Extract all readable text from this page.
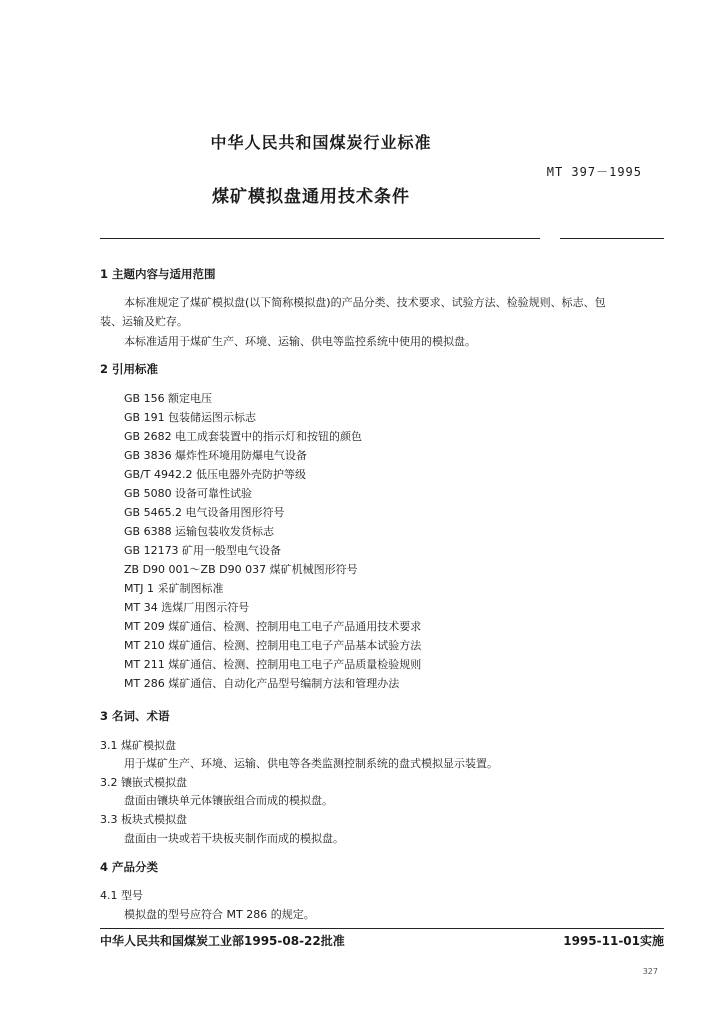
中华人民共和国煤炭行业标准
MT 397－1995
煤矿模拟盘通用技术条件
1 主题内容与适用范围
本标准规定了煤矿模拟盘(以下简称模拟盘)的产品分类、技术要求、试验方法、检验规则、标志、包
装、运输及贮存。
本标准适用于煤矿生产、环境、运输、供电等监控系统中使用的模拟盘。
2 引用标准
GB 156 额定电压
GB 191 包装储运图示标志
GB 2682 电工成套装置中的指示灯和按钮的颜色
GB 3836 爆炸性环境用防爆电气设备
GB/T 4942.2 低压电器外壳防护等级
GB 5080 设备可靠性试验
GB 5465.2 电气设备用图形符号
GB 6388 运输包装收发货标志
GB 12173 矿用一般型电气设备
ZB D90 001～ZB D90 037 煤矿机械图形符号
MTJ 1 采矿制图标准
MT 34 选煤厂用图示符号
MT 209 煤矿通信、检测、控制用电工电子产品通用技术要求
MT 210 煤矿通信、检测、控制用电工电子产品基本试验方法
MT 211 煤矿通信、检测、控制用电工电子产品质量检验规则
MT 286 煤矿通信、自动化产品型号编制方法和管理办法
3 名词、术语
3.1 煤矿模拟盘
用于煤矿生产、环境、运输、供电等各类监测控制系统的盘式模拟显示装置。
3.2 镶嵌式模拟盘
盘面由镶块单元体镶嵌组合而成的模拟盘。
3.3 板块式模拟盘
盘面由一块或若干块板夹制作而成的模拟盘。
4 产品分类
4.1 型号
模拟盘的型号应符合 MT 286 的规定。
中华人民共和国煤炭工业部1995-08-22批准	1995-11-01实施
327
